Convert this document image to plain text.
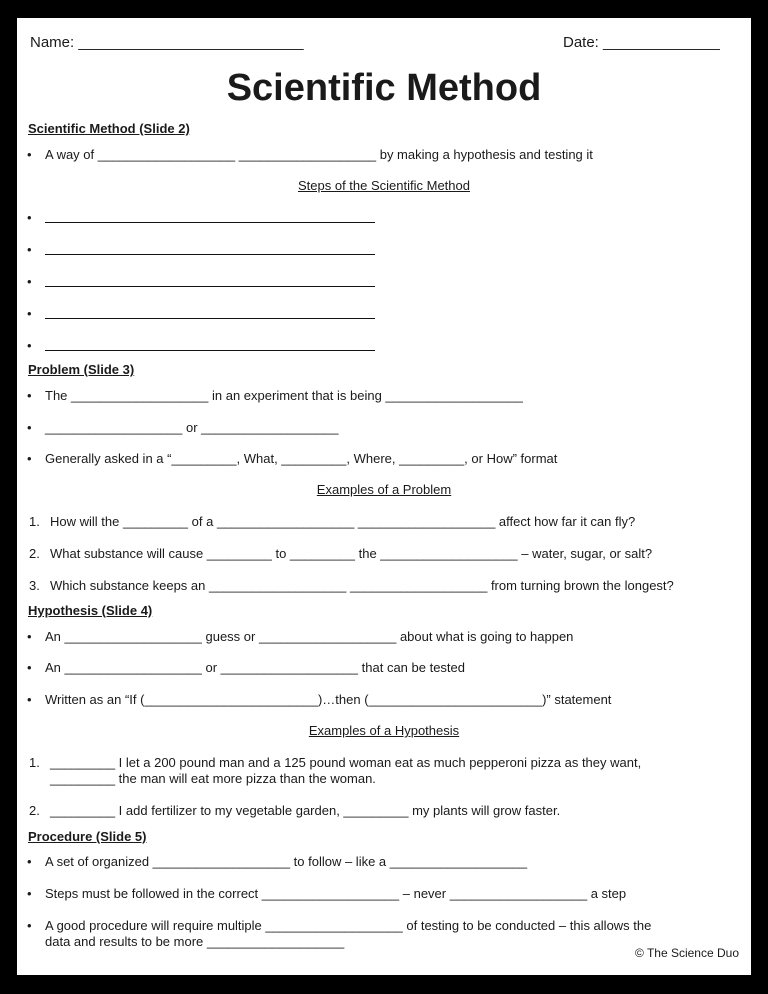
Name: ___________________________	Date: ______________
Scientific Method
Scientific Method (Slide 2)
• A way of ___________________ ___________________ by making a hypothesis and testing it
Steps of the Scientific Method
•
•
•
•
•
Problem (Slide 3)
• The ___________________ in an experiment that is being ___________________
• ___________________ or ___________________
• Generally asked in a “_________, What, _________, Where, _________, or How” format
Examples of a Problem
1. How will the _________ of a ___________________ ___________________ affect how far it can fly?
2. What substance will cause _________ to _________ the ___________________ – water, sugar, or salt?
3. Which substance keeps an ___________________ ___________________ from turning brown the longest?
Hypothesis (Slide 4)
• An ___________________ guess or ___________________ about what is going to happen
• An ___________________ or ___________________ that can be tested
• Written as an “If (________________________)…then (________________________)” statement
Examples of a Hypothesis
1. _________ I let a 200 pound man and a 125 pound woman eat as much pepperoni pizza as they want,
_________ the man will eat more pizza than the woman.
2. _________ I add fertilizer to my vegetable garden, _________ my plants will grow faster.
Procedure (Slide 5)
• A set of organized ___________________ to follow – like a ___________________
• Steps must be followed in the correct ___________________ – never ___________________ a step
• A good procedure will require multiple ___________________ of testing to be conducted – this allows the
data and results to be more ___________________
© The Science Duo
